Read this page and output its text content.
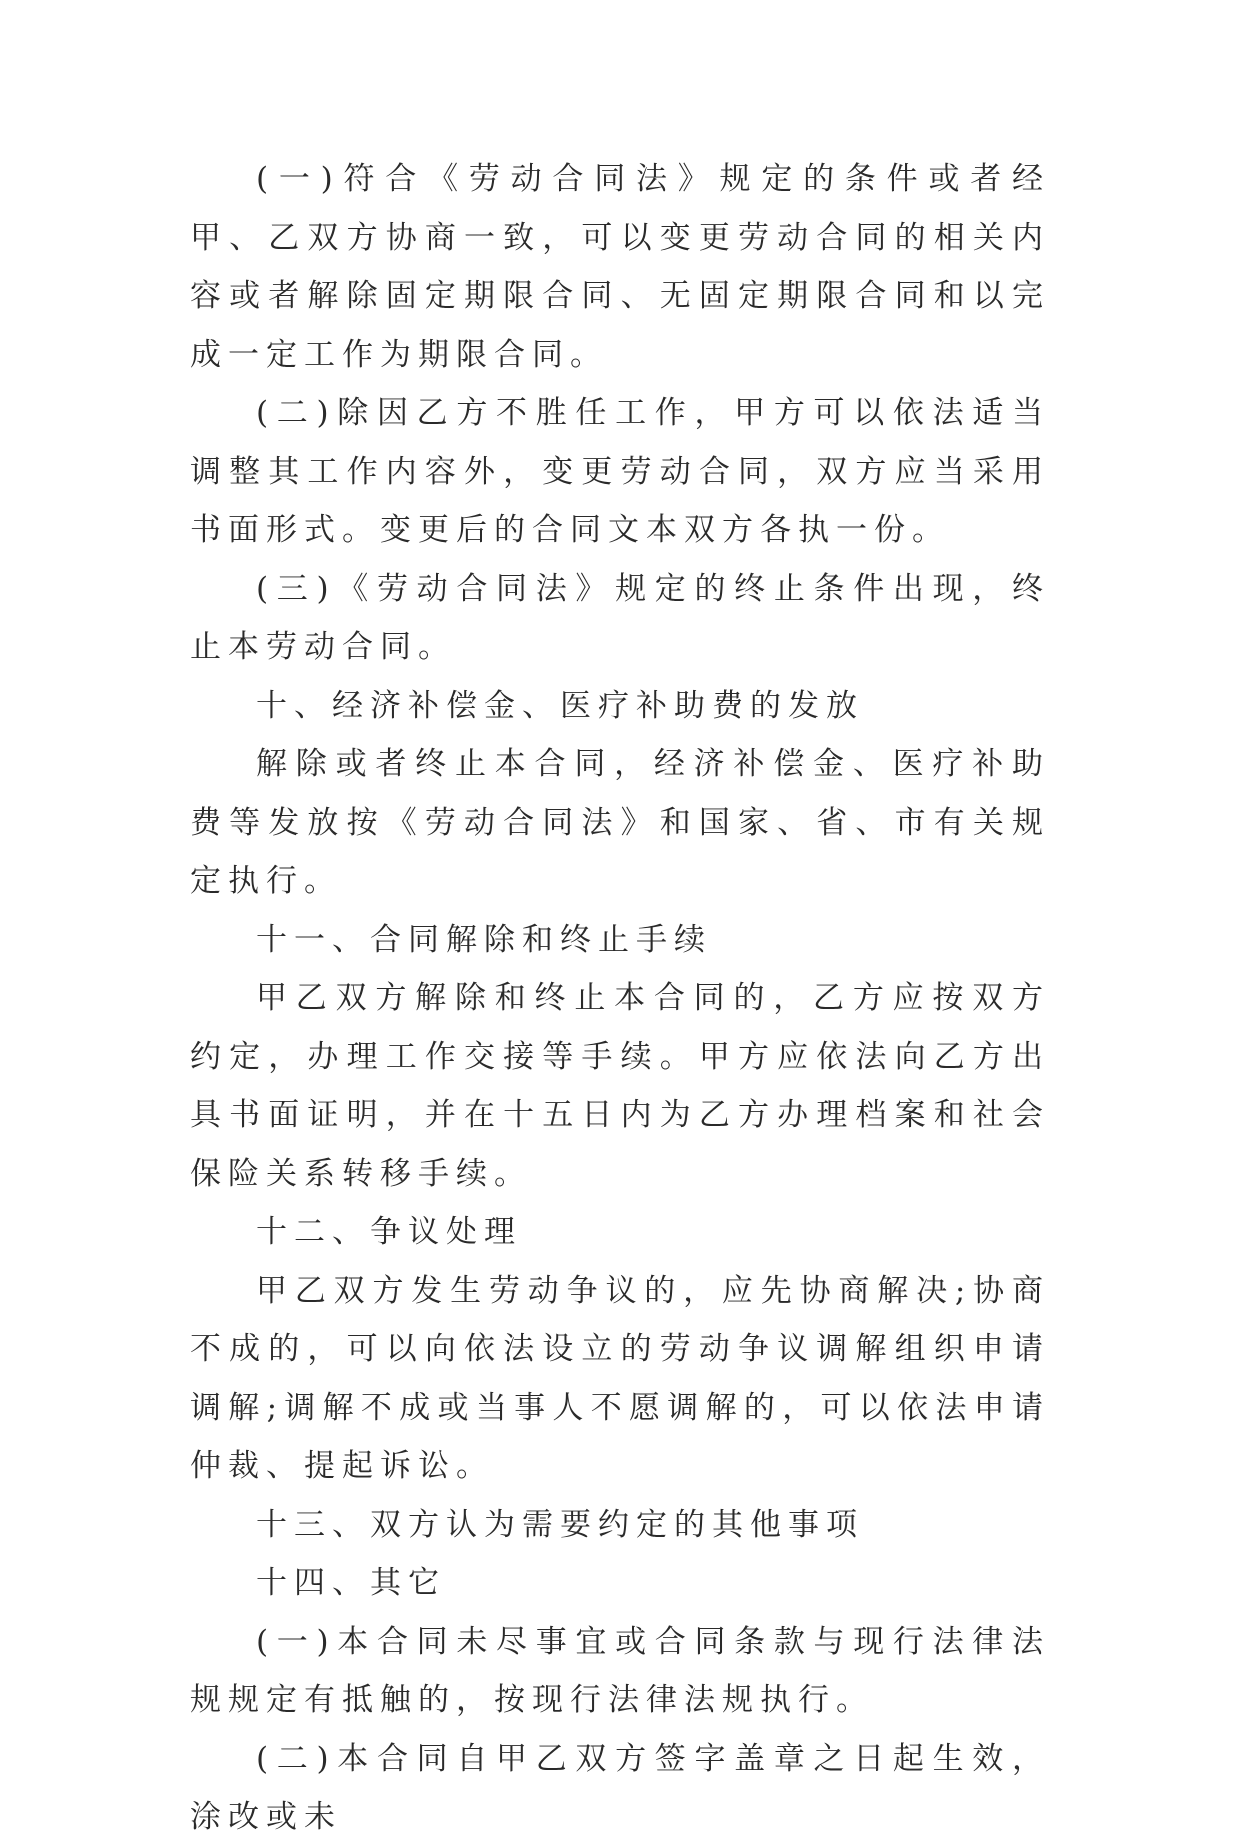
(一)符合《劳动合同法》规定的条件或者经甲、乙双方协商一致，可以变更劳动合同的相关内容或者解除固定期限合同、无固定期限合同和以完成一定工作为期限合同。

(二)除因乙方不胜任工作，甲方可以依法适当调整其工作内容外，变更劳动合同，双方应当采用书面形式。变更后的合同文本双方各执一份。

(三)《劳动合同法》规定的终止条件出现，终止本劳动合同。

十、经济补偿金、医疗补助费的发放

解除或者终止本合同，经济补偿金、医疗补助费等发放按《劳动合同法》和国家、省、市有关规定执行。

十一、合同解除和终止手续

甲乙双方解除和终止本合同的，乙方应按双方约定，办理工作交接等手续。甲方应依法向乙方出具书面证明，并在十五日内为乙方办理档案和社会保险关系转移手续。

十二、争议处理

甲乙双方发生劳动争议的，应先协商解决;协商不成的，可以向依法设立的劳动争议调解组织申请调解;调解不成或当事人不愿调解的，可以依法申请仲裁、提起诉讼。

十三、双方认为需要约定的其他事项

十四、其它

(一)本合同未尽事宜或合同条款与现行法律法规规定有抵触的，按现行法律法规执行。

(二)本合同自甲乙双方签字盖章之日起生效，涂改或未
